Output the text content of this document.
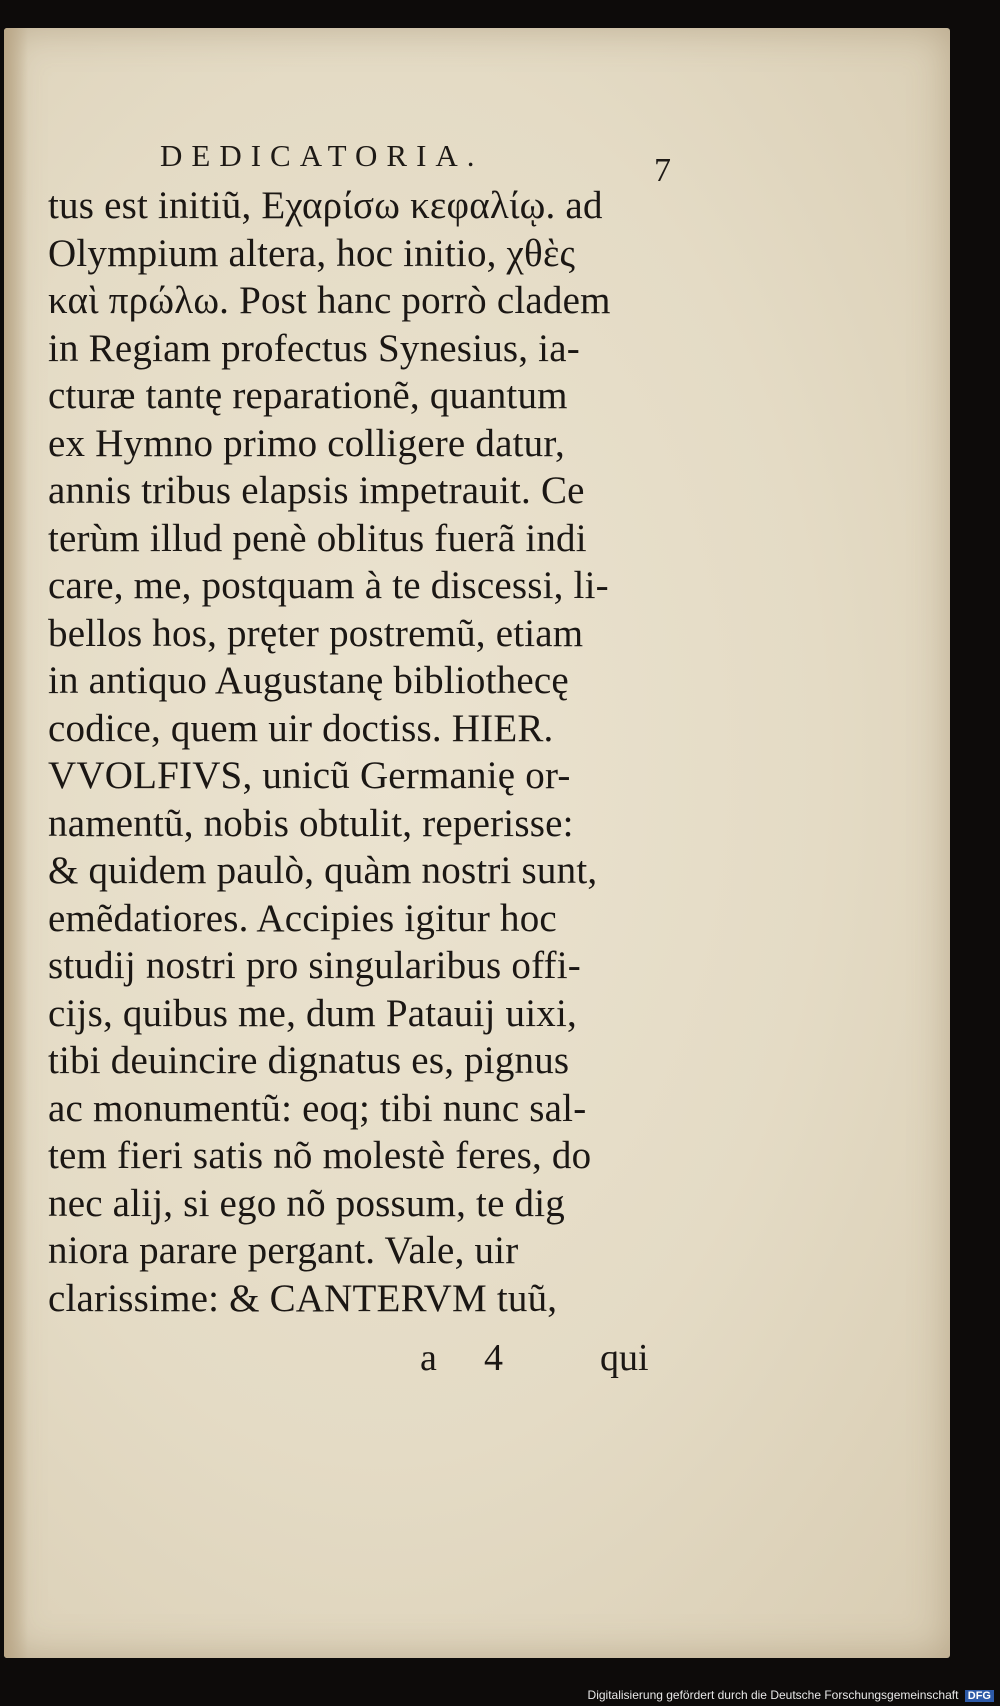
DEDICATORIA.	7
tus est initiũ, Εχαρίσω κεφαλίῳ. ad
Olympium altera, hoc initio, χθὲς
καὶ πρώλω. Post hanc porrò cladem
in Regiam profectus Synesius, ia-
cturæ tantę reparationẽ, quantum
ex Hymno primo colligere datur,
annis tribus elapsis impetrauit. Ce
terùm illud penè oblitus fuerã indi
care, me, postquam à te discessi, li-
bellos hos, pręter postremũ, etiam
in antiquo Augustanę bibliothecę
codice, quem uir doctiss. HIER.
VVOLFIVS, unicũ Germanię or-
namentũ, nobis obtulit, reperisse:
& quidem paulò, quàm nostri sunt,
emẽdatiores. Accipies igitur hoc
studij nostri pro singularibus offi-
cijs, quibus me, dum Patauij uixi,
tibi deuincire dignatus es, pignus
ac monumentũ: eoq; tibi nunc sal-
tem fieri satis nõ molestè feres, do
nec alij, si ego nõ possum, te dig
niora parare pergant. Vale, uir
clarissime: & CANTERVM tuũ,
a 4	qui
Digitalisierung gefördert durch die Deutsche Forschungsgemeinschaft DFG
